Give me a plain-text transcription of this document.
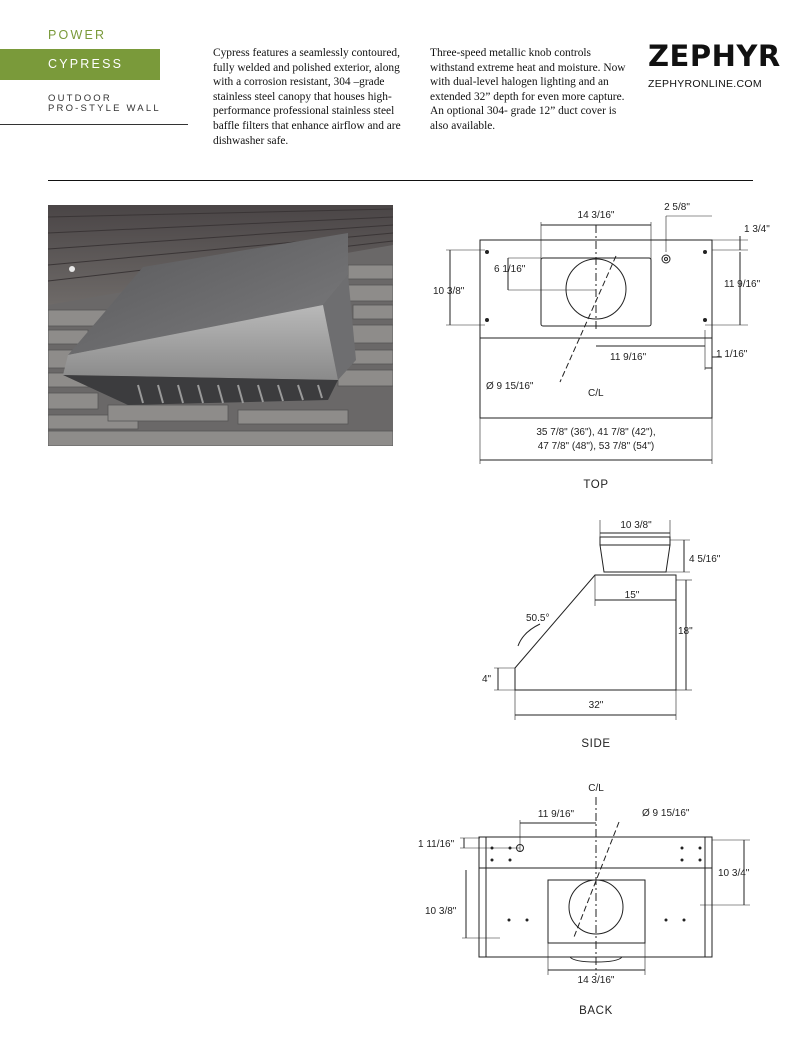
POWER
CYPRESS
OUTDOOR
PRO-STYLE WALL
Cypress features a seamlessly contoured, fully welded and polished exterior, along with a corrosion resistant, 304 –grade stainless steel canopy that houses high-performance professional stainless steel baffle filters that enhance airflow and are dishwasher safe.
Three-speed metallic knob controls withstand extreme heat and moisture. Now with dual-level halogen lighting and an extended 32” depth for even more capture. An optional 304- grade 12” duct cover is also available.
ZEPHYR
ZEPHYRONLINE.COM
14 3/16"
2 5/8"
1 3/4"
6 1/16"
10 3/8"
11 9/16"
11 9/16"	1 1/16"
Ø 9 15/16"
C/L
35 7/8" (36"), 41 7/8" (42"),
47 7/8" (48"), 53 7/8" (54")
TOP
10 3/8"
4 5/16"
15"
50.5°
18"
4"
32"
SIDE
C/L
11 9/16"	Ø 9 15/16"
1 11/16"
10 3/4"
10 3/8"
14 3/16"
BACK
